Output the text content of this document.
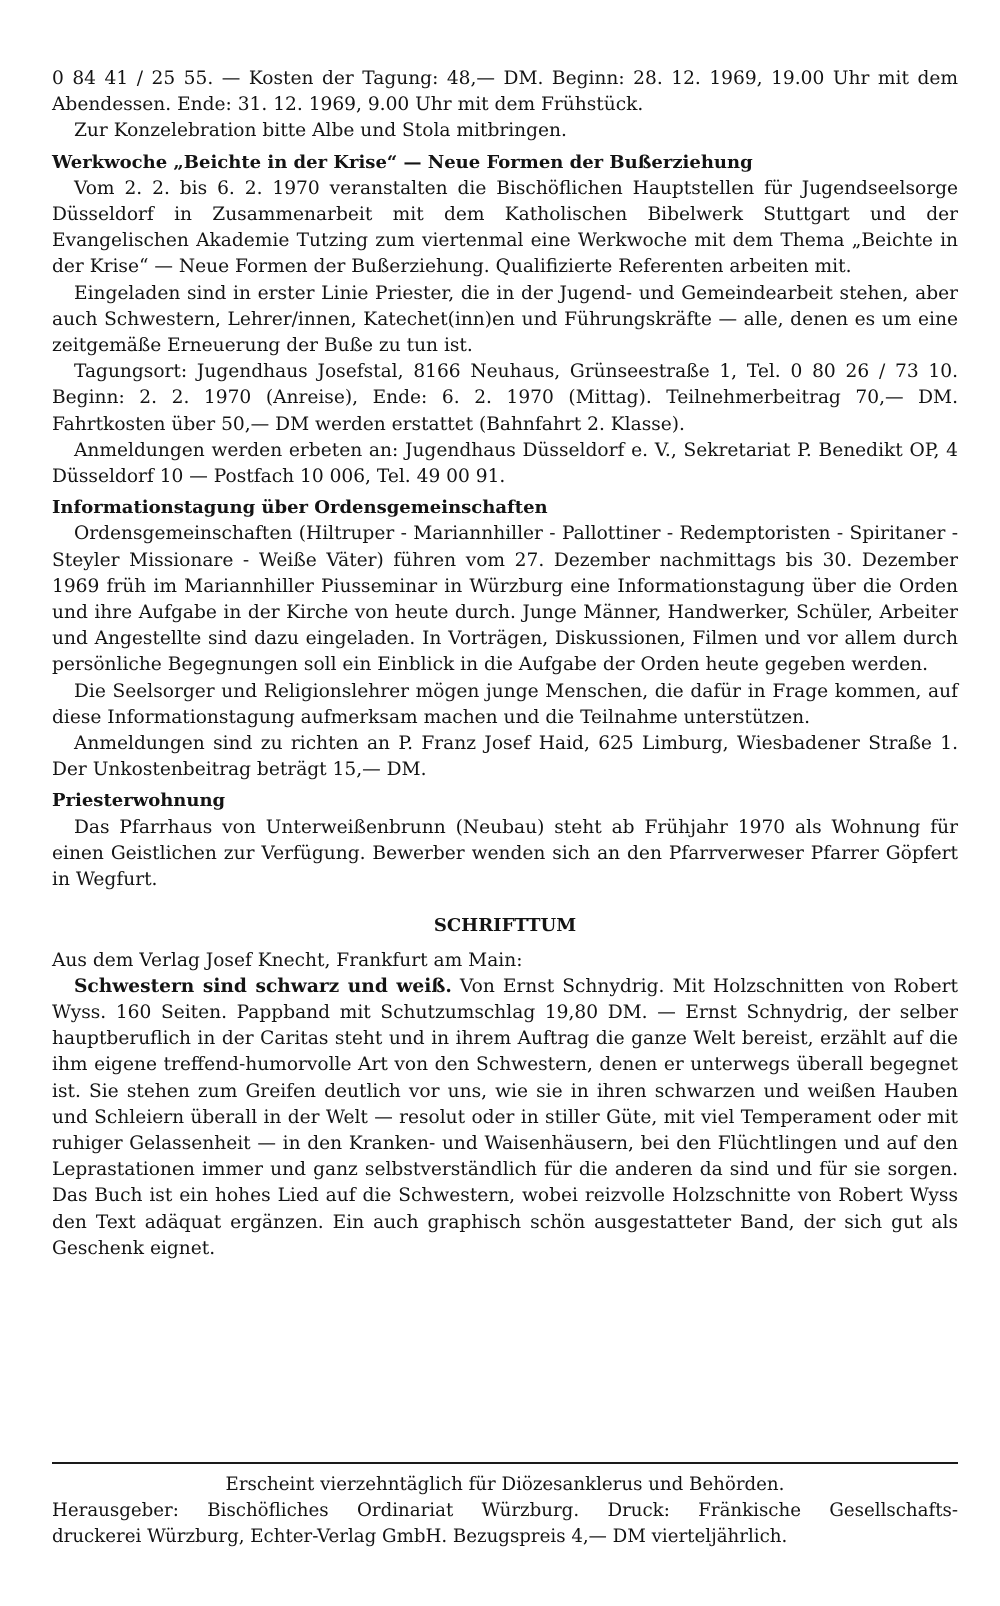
0 84 41 / 25 55. — Kosten der Tagung: 48,— DM. Beginn: 28. 12. 1969, 19.00 Uhr mit dem Abendessen. Ende: 31. 12. 1969, 9.00 Uhr mit dem Frühstück.

Zur Konzelebration bitte Albe und Stola mitbringen.

Werkwoche „Beichte in der Krise“ — Neue Formen der Bußerziehung

Vom 2. 2. bis 6. 2. 1970 veranstalten die Bischöflichen Hauptstellen für Jugendseelsorge Düsseldorf in Zusammenarbeit mit dem Katholischen Bibelwerk Stuttgart und der Evangelischen Akademie Tutzing zum viertenmal eine Werkwoche mit dem Thema „Beichte in der Krise“ — Neue Formen der Bußerziehung. Qualifizierte Referenten arbeiten mit.

Eingeladen sind in erster Linie Priester, die in der Jugend- und Gemeindearbeit stehen, aber auch Schwestern, Lehrer/innen, Katechet(inn)en und Führungskräfte — alle, denen es um eine zeitgemäße Erneuerung der Buße zu tun ist.

Tagungsort: Jugendhaus Josefstal, 8166 Neuhaus, Grünseestraße 1, Tel. 0 80 26 / 73 10. Beginn: 2. 2. 1970 (Anreise), Ende: 6. 2. 1970 (Mittag). Teilnehmerbeitrag 70,— DM. Fahrtkosten über 50,— DM werden erstattet (Bahnfahrt 2. Klasse).

Anmeldungen werden erbeten an: Jugendhaus Düsseldorf e. V., Sekretariat P. Benedikt OP, 4 Düsseldorf 10 — Postfach 10 006, Tel. 49 00 91.

Informationstagung über Ordensgemeinschaften

Ordensgemeinschaften (Hiltruper - Mariannhiller - Pallottiner - Redemptoristen - Spiritaner - Steyler Missionare - Weiße Väter) führen vom 27. Dezember nachmittags bis 30. Dezember 1969 früh im Mariannhiller Piusseminar in Würzburg eine Informationstagung über die Orden und ihre Aufgabe in der Kirche von heute durch. Junge Männer, Handwerker, Schüler, Arbeiter und Angestellte sind dazu eingeladen. In Vorträgen, Diskussionen, Filmen und vor allem durch persönliche Begegnungen soll ein Einblick in die Aufgabe der Orden heute gegeben werden.

Die Seelsorger und Religionslehrer mögen junge Menschen, die dafür in Frage kommen, auf diese Informationstagung aufmerksam machen und die Teilnahme unterstützen.

Anmeldungen sind zu richten an P. Franz Josef Haid, 625 Limburg, Wiesbadener Straße 1. Der Unkostenbeitrag beträgt 15,— DM.

Priesterwohnung

Das Pfarrhaus von Unterweißenbrunn (Neubau) steht ab Frühjahr 1970 als Wohnung für einen Geistlichen zur Verfügung. Bewerber wenden sich an den Pfarrverweser Pfarrer Göpfert in Wegfurt.

SCHRIFTTUM

Aus dem Verlag Josef Knecht, Frankfurt am Main:

Schwestern sind schwarz und weiß. Von Ernst Schnydrig. Mit Holzschnitten von Robert Wyss. 160 Seiten. Pappband mit Schutzumschlag 19,80 DM. — Ernst Schnydrig, der selber hauptberuflich in der Caritas steht und in ihrem Auftrag die ganze Welt bereist, erzählt auf die ihm eigene treffend-humorvolle Art von den Schwestern, denen er unterwegs überall begegnet ist. Sie stehen zum Greifen deutlich vor uns, wie sie in ihren schwarzen und weißen Hauben und Schleiern überall in der Welt — resolut oder in stiller Güte, mit viel Temperament oder mit ruhiger Gelassenheit — in den Kranken- und Waisenhäusern, bei den Flüchtlingen und auf den Leprastationen immer und ganz selbstverständlich für die anderen da sind und für sie sorgen. Das Buch ist ein hohes Lied auf die Schwestern, wobei reizvolle Holzschnitte von Robert Wyss den Text adäquat ergänzen. Ein auch graphisch schön ausgestatteter Band, der sich gut als Geschenk eignet.

Erscheint vierzehntäglich für Diözesanklerus und Behörden.

Herausgeber: Bischöfliches Ordinariat Würzburg. Druck: Fränkische Gesellschafts-

druckerei Würzburg, Echter-Verlag GmbH. Bezugspreis 4,— DM vierteljährlich.
